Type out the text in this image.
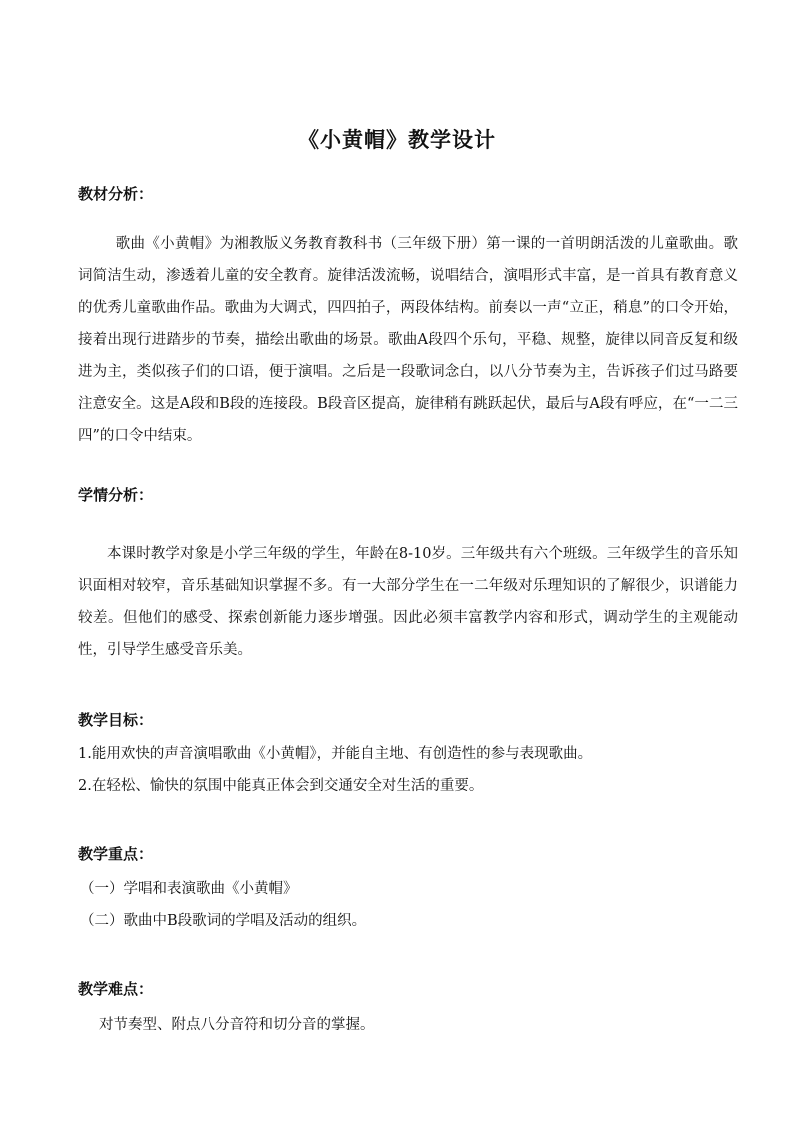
《小黄帽》教学设计
教材分析：
歌曲《小黄帽》为湘教版义务教育教科书（三年级下册）第一课的一首明朗活泼的儿童歌曲。歌词简洁生动，渗透着儿童的安全教育。旋律活泼流畅，说唱结合，演唱形式丰富，是一首具有教育意义的优秀儿童歌曲作品。歌曲为大调式，四四拍子，两段体结构。前奏以一声“立正，稍息”的口令开始，接着出现行进踏步的节奏，描绘出歌曲的场景。歌曲A段四个乐句，平稳、规整，旋律以同音反复和级进为主，类似孩子们的口语，便于演唱。之后是一段歌词念白，以八分节奏为主，告诉孩子们过马路要注意安全。这是A段和B段的连接段。B段音区提高，旋律稍有跳跃起伏，最后与A段有呼应，在“一二三四”的口令中结束。
学情分析：
本课时教学对象是小学三年级的学生，年龄在8-10岁。三年级共有六个班级。三年级学生的音乐知识面相对较窄，音乐基础知识掌握不多。有一大部分学生在一二年级对乐理知识的了解很少，识谱能力较差。但他们的感受、探索创新能力逐步增强。因此必须丰富教学内容和形式，调动学生的主观能动性，引导学生感受音乐美。
教学目标：
1.能用欢快的声音演唱歌曲《小黄帽》，并能自主地、有创造性的参与表现歌曲。
2.在轻松、愉快的氛围中能真正体会到交通安全对生活的重要。
教学重点：
（一）学唱和表演歌曲《小黄帽》
（二）歌曲中B段歌词的学唱及活动的组织。
教学难点：
对节奏型、附点八分音符和切分音的掌握。
